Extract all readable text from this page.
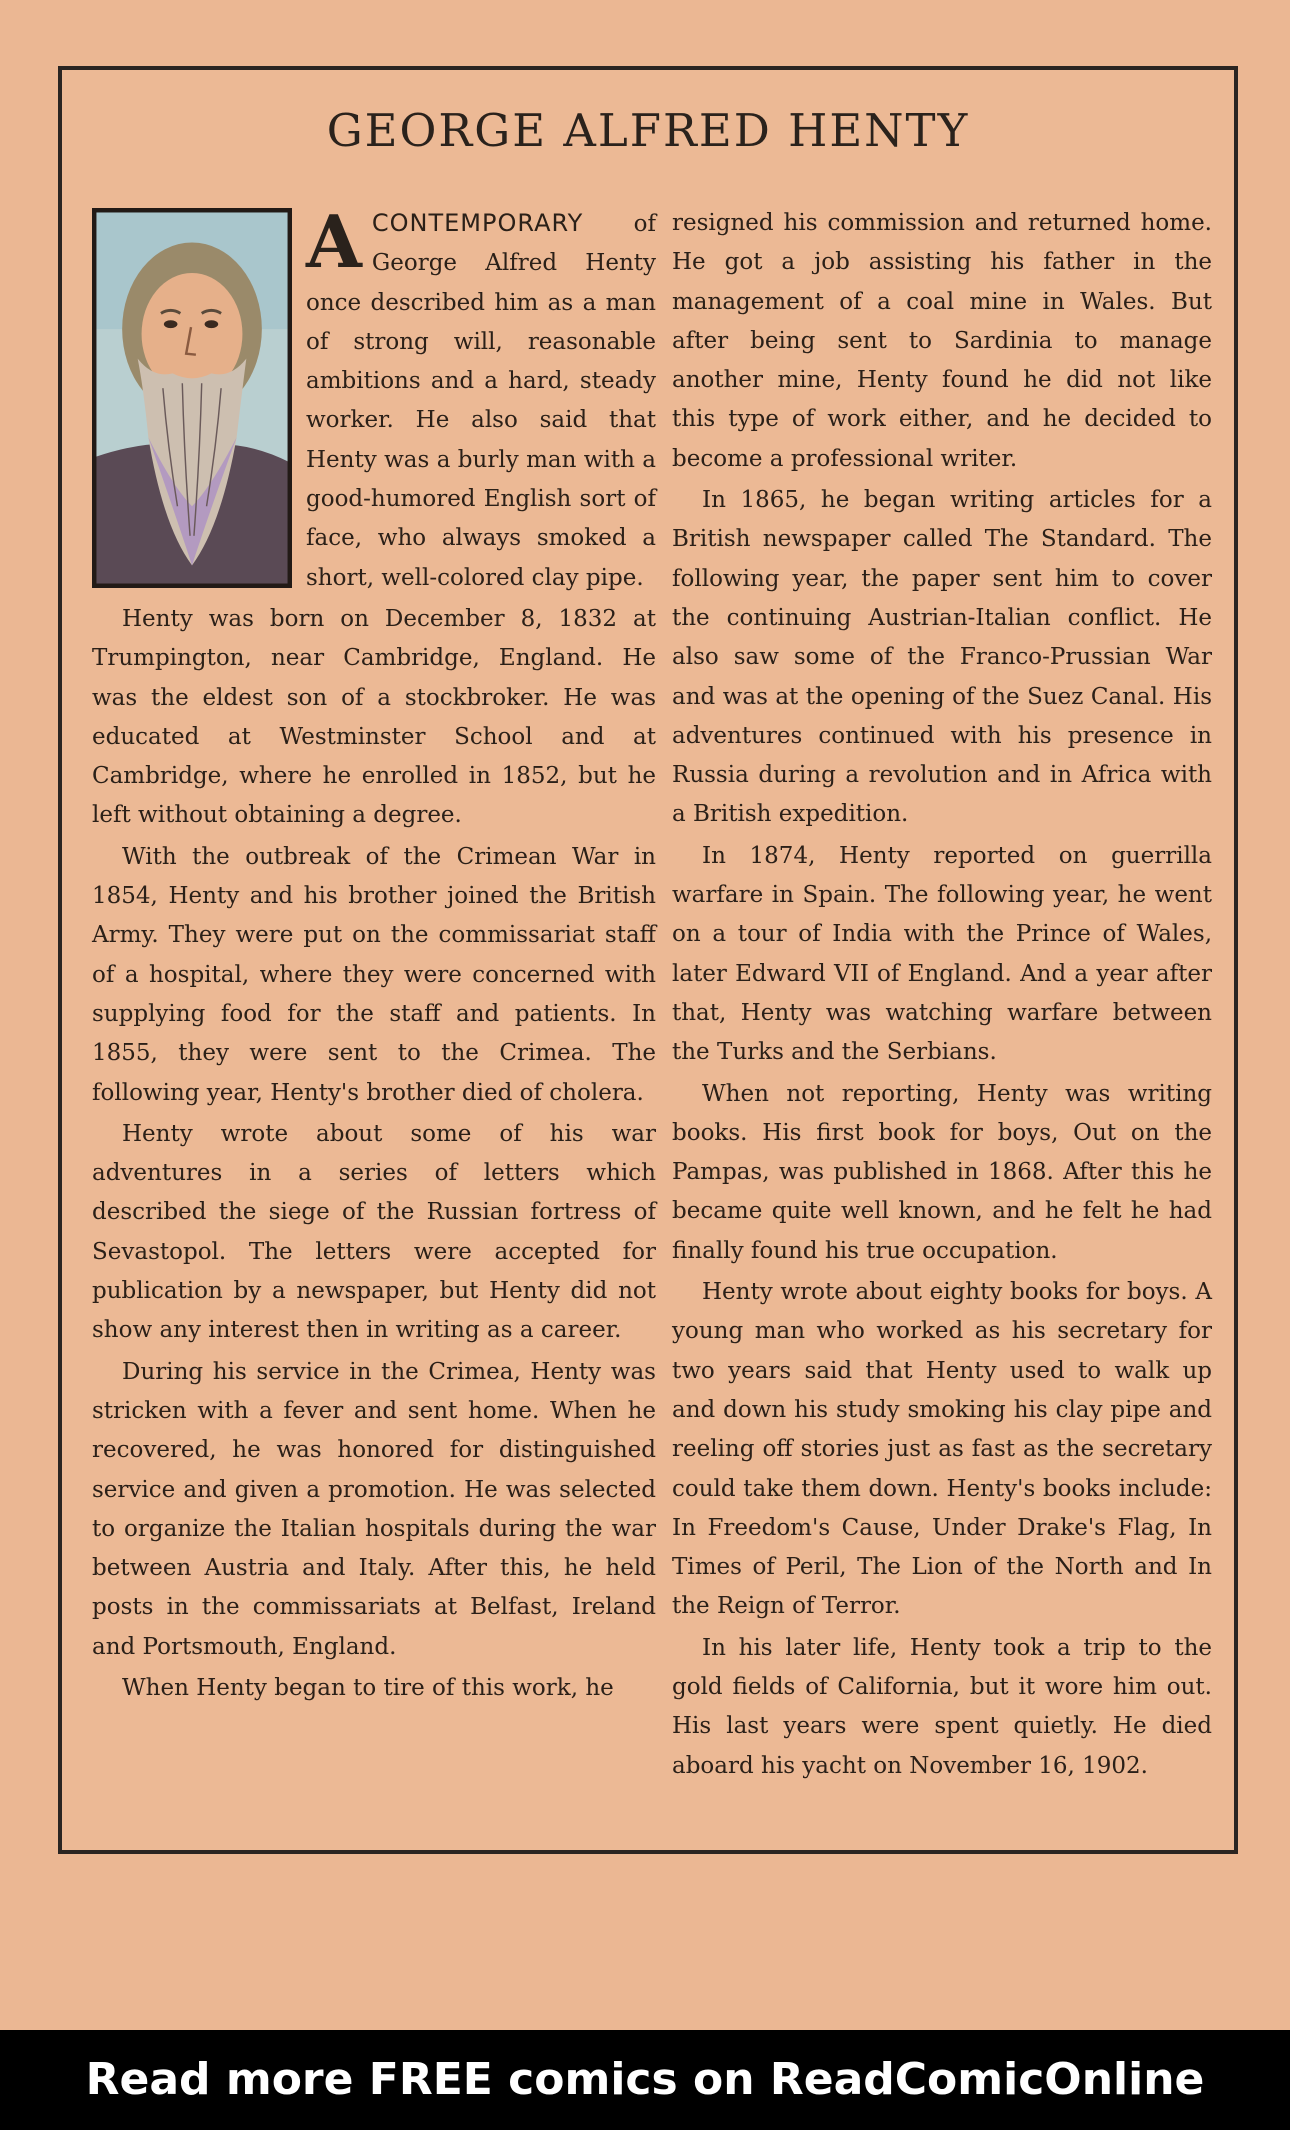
GEORGE ALFRED HENTY

ACONTEMPORARY of George Alfred Henty once described him as a man of strong will, reasonable ambitions and a hard, steady worker. He also said that Henty was a burly man with a good-humored English sort of face, who always smoked a short, well-colored clay pipe.

Henty was born on December 8, 1832 at Trumpington, near Cambridge, England. He was the eldest son of a stockbroker. He was educated at Westminster School and at Cambridge, where he enrolled in 1852, but he left without obtaining a degree.

With the outbreak of the Crimean War in 1854, Henty and his brother joined the British Army. They were put on the commissariat staff of a hospital, where they were concerned with supplying food for the staff and patients. In 1855, they were sent to the Crimea. The following year, Henty's brother died of cholera.

Henty wrote about some of his war adventures in a series of letters which described the siege of the Russian fortress of Sevastopol. The letters were accepted for publication by a newspaper, but Henty did not show any interest then in writing as a career.

During his service in the Crimea, Henty was stricken with a fever and sent home. When he recovered, he was honored for distinguished service and given a promotion. He was selected to organize the Italian hospitals during the war between Austria and Italy. After this, he held posts in the commissariats at Belfast, Ireland and Portsmouth, England.

When Henty began to tire of this work, he

resigned his commission and returned home. He got a job assisting his father in the management of a coal mine in Wales. But after being sent to Sardinia to manage another mine, Henty found he did not like this type of work either, and he decided to become a professional writer.

In 1865, he began writing articles for a British newspaper called The Standard. The following year, the paper sent him to cover the continuing Austrian-Italian conflict. He also saw some of the Franco-Prussian War and was at the opening of the Suez Canal. His adventures continued with his presence in Russia during a revolution and in Africa with a British expedition.

In 1874, Henty reported on guerrilla warfare in Spain. The following year, he went on a tour of India with the Prince of Wales, later Edward VII of England. And a year after that, Henty was watching warfare between the Turks and the Serbians.

When not reporting, Henty was writing books. His first book for boys, Out on the Pampas, was published in 1868. After this he became quite well known, and he felt he had finally found his true occupation.

Henty wrote about eighty books for boys. A young man who worked as his secretary for two years said that Henty used to walk up and down his study smoking his clay pipe and reeling off stories just as fast as the secretary could take them down. Henty's books include: In Freedom's Cause, Under Drake's Flag, In Times of Peril, The Lion of the North and In the Reign of Terror.

In his later life, Henty took a trip to the gold fields of California, but it wore him out. His last years were spent quietly. He died aboard his yacht on November 16, 1902.

Read more FREE comics on ReadComicOnline
